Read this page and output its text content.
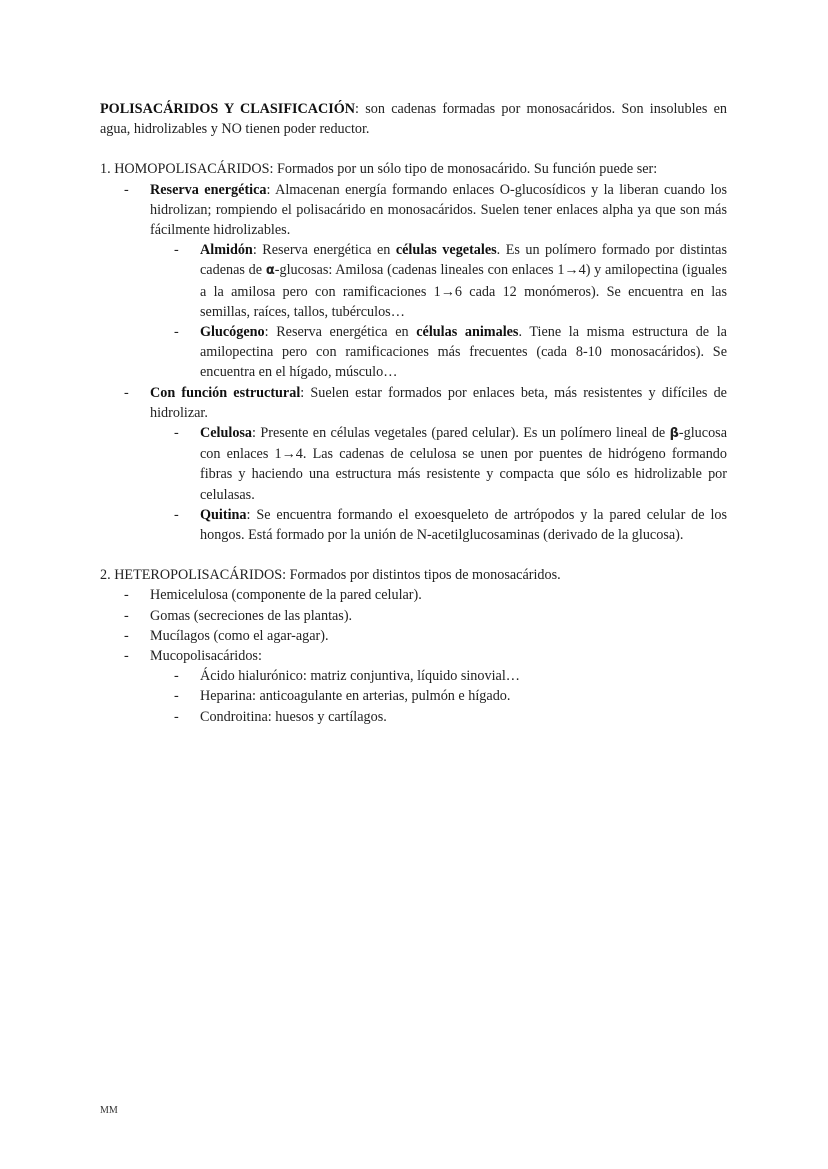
POLISACÁRIDOS Y CLASIFICACIÓN: son cadenas formadas por monosacáridos. Son insolubles en agua, hidrolizables y NO tienen poder reductor.

1. HOMOPOLISACÁRIDOS: Formados por un sólo tipo de monosacárido. Su función puede ser:

- Reserva energética: Almacenan energía formando enlaces O-glucosídicos y la liberan cuando los hidrolizan; rompiendo el polisacárido en monosacáridos. Suelen tener enlaces alpha ya que son más fácilmente hidrolizables.
- Almidón: Reserva energética en células vegetales. Es un polímero formado por distintas cadenas de α-glucosas: Amilosa (cadenas lineales con enlaces 1→4) y amilopectina (iguales a la amilosa pero con ramificaciones 1→6 cada 12 monómeros). Se encuentra en las semillas, raíces, tallos, tubérculos…
- Glucógeno: Reserva energética en células animales. Tiene la misma estructura de la amilopectina pero con ramificaciones más frecuentes (cada 8-10 monosacáridos). Se encuentra en el hígado, músculo…
- Con función estructural: Suelen estar formados por enlaces beta, más resistentes y difíciles de hidrolizar.
- Celulosa: Presente en células vegetales (pared celular). Es un polímero lineal de β-glucosa con enlaces 1→4. Las cadenas de celulosa se unen por puentes de hidrógeno formando fibras y haciendo una estructura más resistente y compacta que sólo es hidrolizable por celulasas.
- Quitina: Se encuentra formando el exoesqueleto de artrópodos y la pared celular de los hongos. Está formado por la unión de N-acetilglucosaminas (derivado de la glucosa).

2. HETEROPOLISACÁRIDOS: Formados por distintos tipos de monosacáridos.

- Hemicelulosa (componente de la pared celular).
- Gomas (secreciones de las plantas).
- Mucílagos (como el agar-agar).
- Mucopolisacáridos:
- Ácido hialurónico: matriz conjuntiva, líquido sinovial…
- Heparina: anticoagulante en arterias, pulmón e hígado.
- Condroitina: huesos y cartílagos.
MM
